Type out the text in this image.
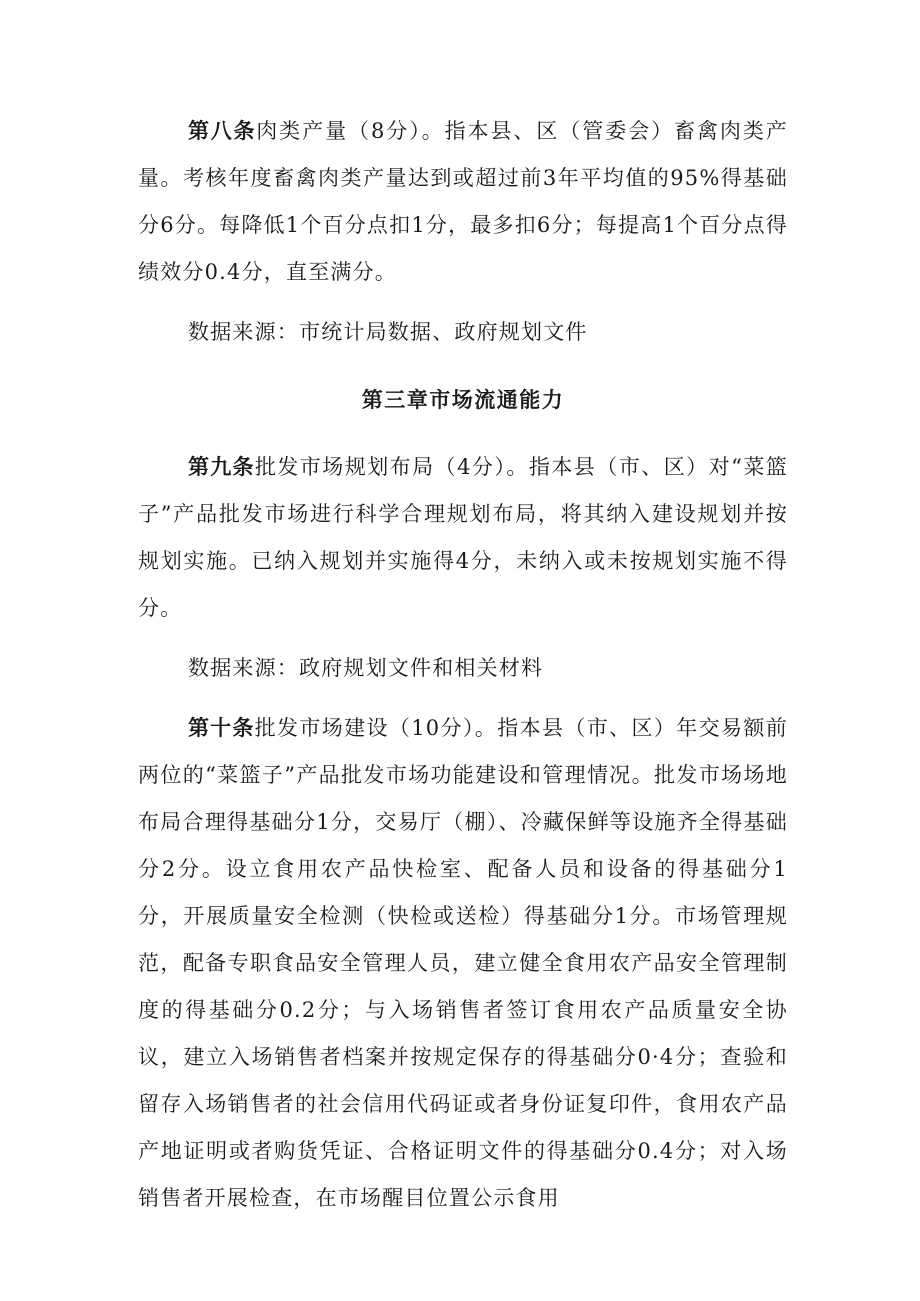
第八条肉类产量（8分）。指本县、区（管委会）畜禽肉类产量。考核年度畜禽肉类产量达到或超过前3年平均值的95%得基础分6分。每降低1个百分点扣1分，最多扣6分；每提高1个百分点得绩效分0.4分，直至满分。

数据来源：市统计局数据、政府规划文件

第三章市场流通能力

第九条批发市场规划布局（4分）。指本县（市、区）对“菜篮子”产品批发市场进行科学合理规划布局，将其纳入建设规划并按规划实施。已纳入规划并实施得4分，未纳入或未按规划实施不得分。

数据来源：政府规划文件和相关材料

第十条批发市场建设（10分）。指本县（市、区）年交易额前两位的“菜篮子”产品批发市场功能建设和管理情况。批发市场场地布局合理得基础分1分，交易厅（棚）、冷藏保鲜等设施齐全得基础分2分。设立食用农产品快检室、配备人员和设备的得基础分1分，开展质量安全检测（快检或送检）得基础分1分。市场管理规范，配备专职食品安全管理人员，建立健全食用农产品安全管理制度的得基础分0.2分；与入场销售者签订食用农产品质量安全协议，建立入场销售者档案并按规定保存的得基础分0·4分；查验和留存入场销售者的社会信用代码证或者身份证复印件，食用农产品产地证明或者购货凭证、合格证明文件的得基础分0.4分；对入场销售者开展检查，在市场醒目位置公示食用
